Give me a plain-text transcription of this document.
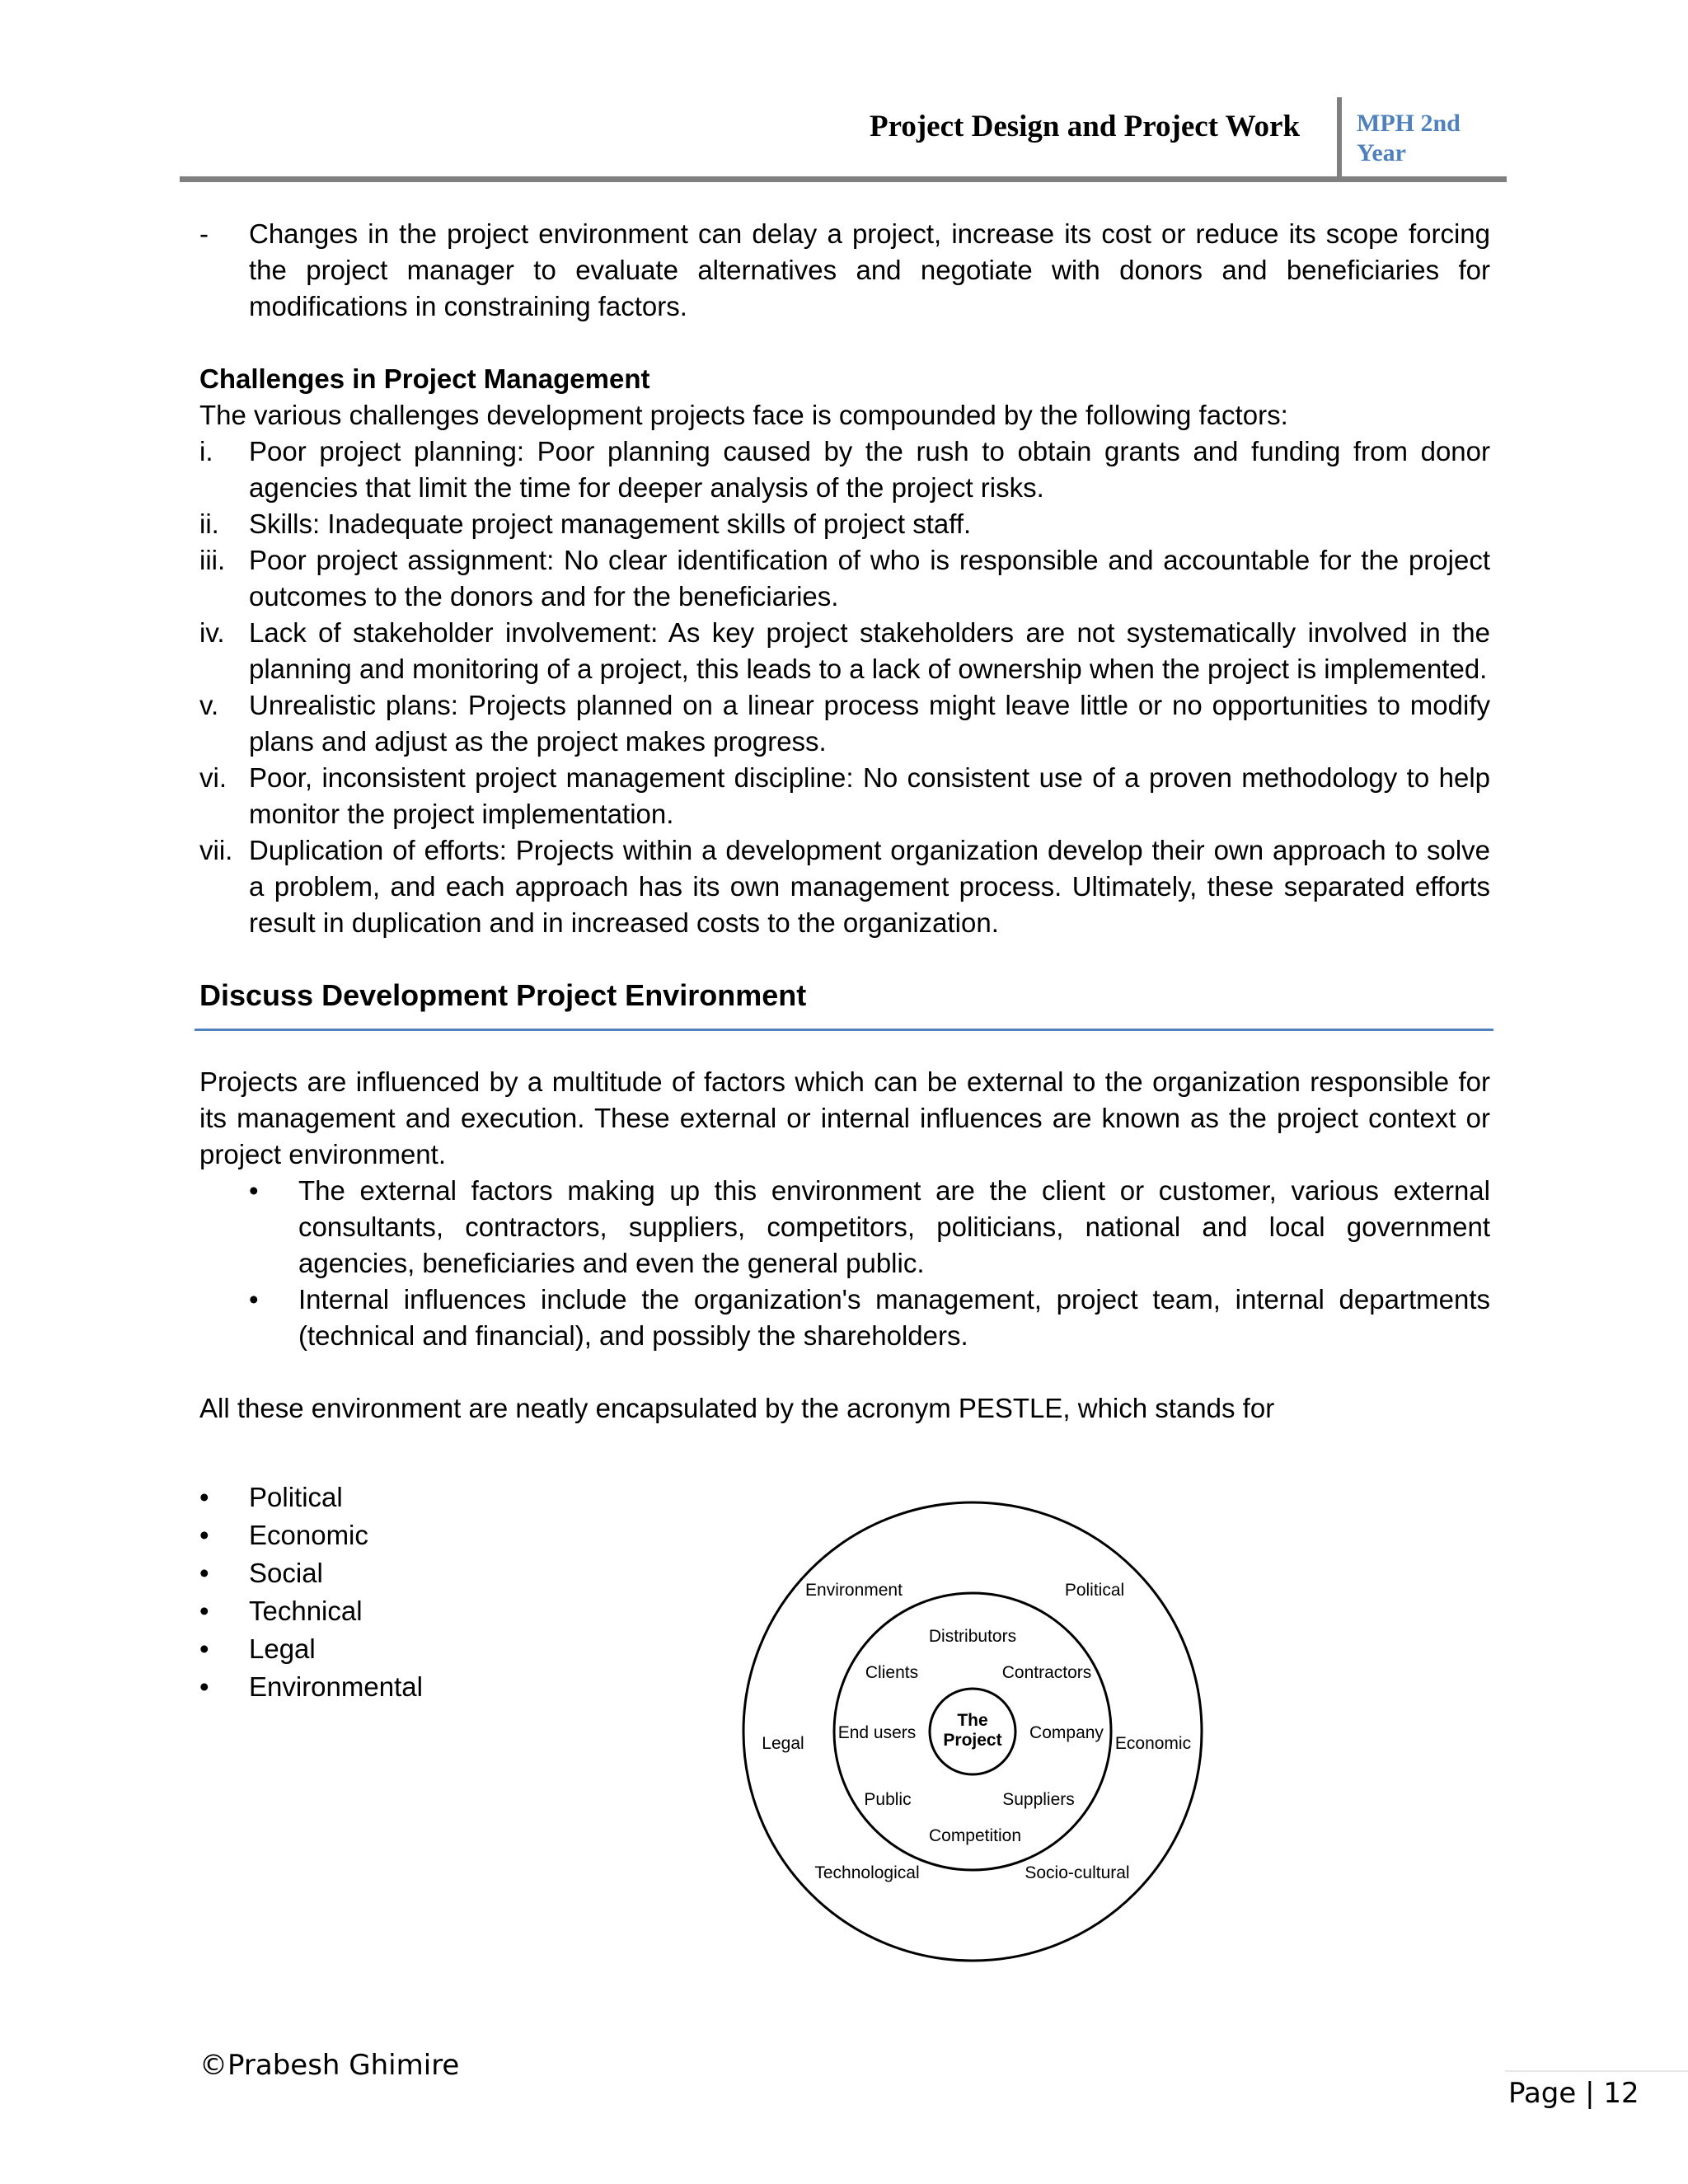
Project Design and Project Work MPH 2nd Year
- Changes in the project environment can delay a project, increase its cost or reduce its scope forcing the project manager to evaluate alternatives and negotiate with donors and beneficiaries for modifications in constraining factors.
Challenges in Project Management
The various challenges development projects face is compounded by the following factors:
i. Poor project planning: Poor planning caused by the rush to obtain grants and funding from donor agencies that limit the time for deeper analysis of the project risks.
ii. Skills: Inadequate project management skills of project staff.
iii. Poor project assignment: No clear identification of who is responsible and accountable for the project outcomes to the donors and for the beneficiaries.
iv. Lack of stakeholder involvement: As key project stakeholders are not systematically involved in the planning and monitoring of a project, this leads to a lack of ownership when the project is implemented.
v. Unrealistic plans: Projects planned on a linear process might leave little or no opportunities to modify plans and adjust as the project makes progress.
vi. Poor, inconsistent project management discipline: No consistent use of a proven methodology to help monitor the project implementation.
vii. Duplication of efforts: Projects within a development organization develop their own approach to solve a problem, and each approach has its own management process. Ultimately, these separated efforts result in duplication and in increased costs to the organization.
Discuss Development Project Environment
Projects are influenced by a multitude of factors which can be external to the organization responsible for its management and execution. These external or internal influences are known as the project context or project environment.
• The external factors making up this environment are the client or customer, various external consultants, contractors, suppliers, competitors, politicians, national and local government agencies, beneficiaries and even the general public.
• Internal influences include the organization's management, project team, internal departments (technical and financial), and possibly the shareholders.
All these environment are neatly encapsulated by the acronym PESTLE, which stands for
• Political
• Economic
• Social
• Technical
• Legal
• Environmental
The
Project
Distributors
Clients	Contractors
End users	Company
Public	Suppliers
Competition
Environment	Political
Legal	Economic
Technological	Socio-cultural
©Prabesh Ghimire
Page | 12
